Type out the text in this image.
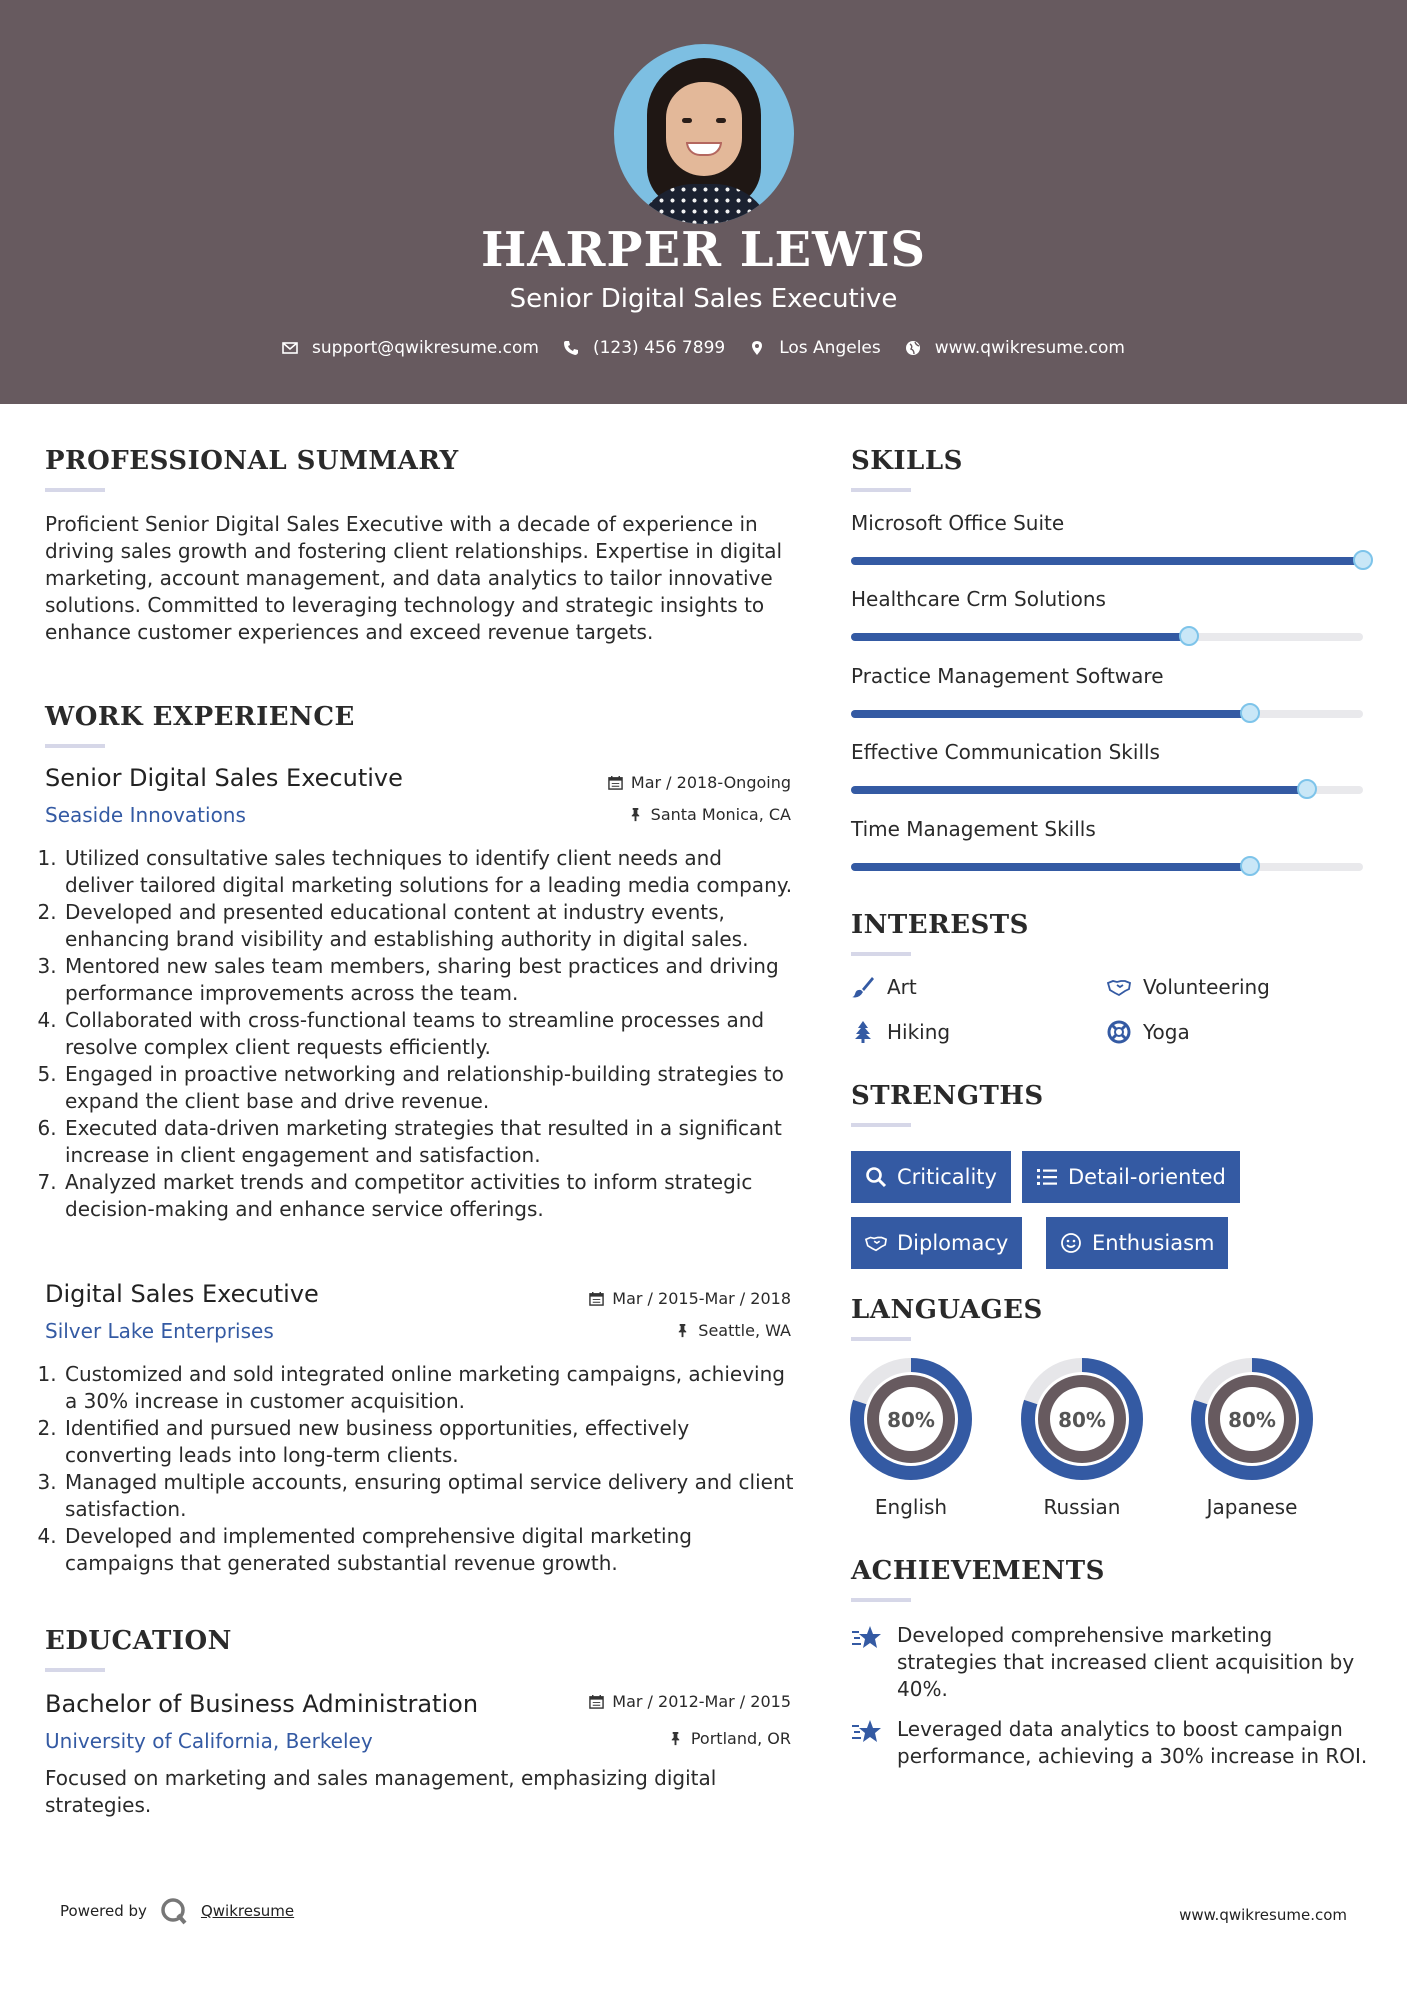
HARPER LEWIS
Senior Digital Sales Executive
support@qwikresume.com	(123) 456 7899	Los Angeles	www.qwikresume.com
PROFESSIONAL SUMMARY
Proficient Senior Digital Sales Executive with a decade of experience in driving sales growth and fostering client relationships. Expertise in digital marketing, account management, and data analytics to tailor innovative solutions. Committed to leveraging technology and strategic insights to enhance customer experiences and exceed revenue targets.
WORK EXPERIENCE
Senior Digital Sales Executive
Seaside Innovations
Mar / 2018-Ongoing
Santa Monica, CA
1. Utilized consultative sales techniques to identify client needs and deliver tailored digital marketing solutions for a leading media company.
2. Developed and presented educational content at industry events, enhancing brand visibility and establishing authority in digital sales.
3. Mentored new sales team members, sharing best practices and driving performance improvements across the team.
4. Collaborated with cross-functional teams to streamline processes and resolve complex client requests efficiently.
5. Engaged in proactive networking and relationship-building strategies to expand the client base and drive revenue.
6. Executed data-driven marketing strategies that resulted in a significant increase in client engagement and satisfaction.
7. Analyzed market trends and competitor activities to inform strategic decision-making and enhance service offerings.
Digital Sales Executive
Silver Lake Enterprises
Mar / 2015-Mar / 2018
Seattle, WA
1. Customized and sold integrated online marketing campaigns, achieving a 30% increase in customer acquisition.
2. Identified and pursued new business opportunities, effectively converting leads into long-term clients.
3. Managed multiple accounts, ensuring optimal service delivery and client satisfaction.
4. Developed and implemented comprehensive digital marketing campaigns that generated substantial revenue growth.
EDUCATION
Bachelor of Business Administration
University of California, Berkeley
Mar / 2012-Mar / 2015
Portland, OR
Focused on marketing and sales management, emphasizing digital strategies.
SKILLS
Microsoft Office Suite
Healthcare Crm Solutions
Practice Management Software
Effective Communication Skills
Time Management Skills
INTERESTS
Art	Volunteering
Hiking	Yoga
STRENGTHS
Criticality	Detail-oriented
Diplomacy	Enthusiasm
LANGUAGES
80%
English
80%
Russian
80%
Japanese
ACHIEVEMENTS
Developed comprehensive marketing strategies that increased client acquisition by 40%.
Leveraged data analytics to boost campaign performance, achieving a 30% increase in ROI.
Powered by	Qwikresume	www.qwikresume.com
